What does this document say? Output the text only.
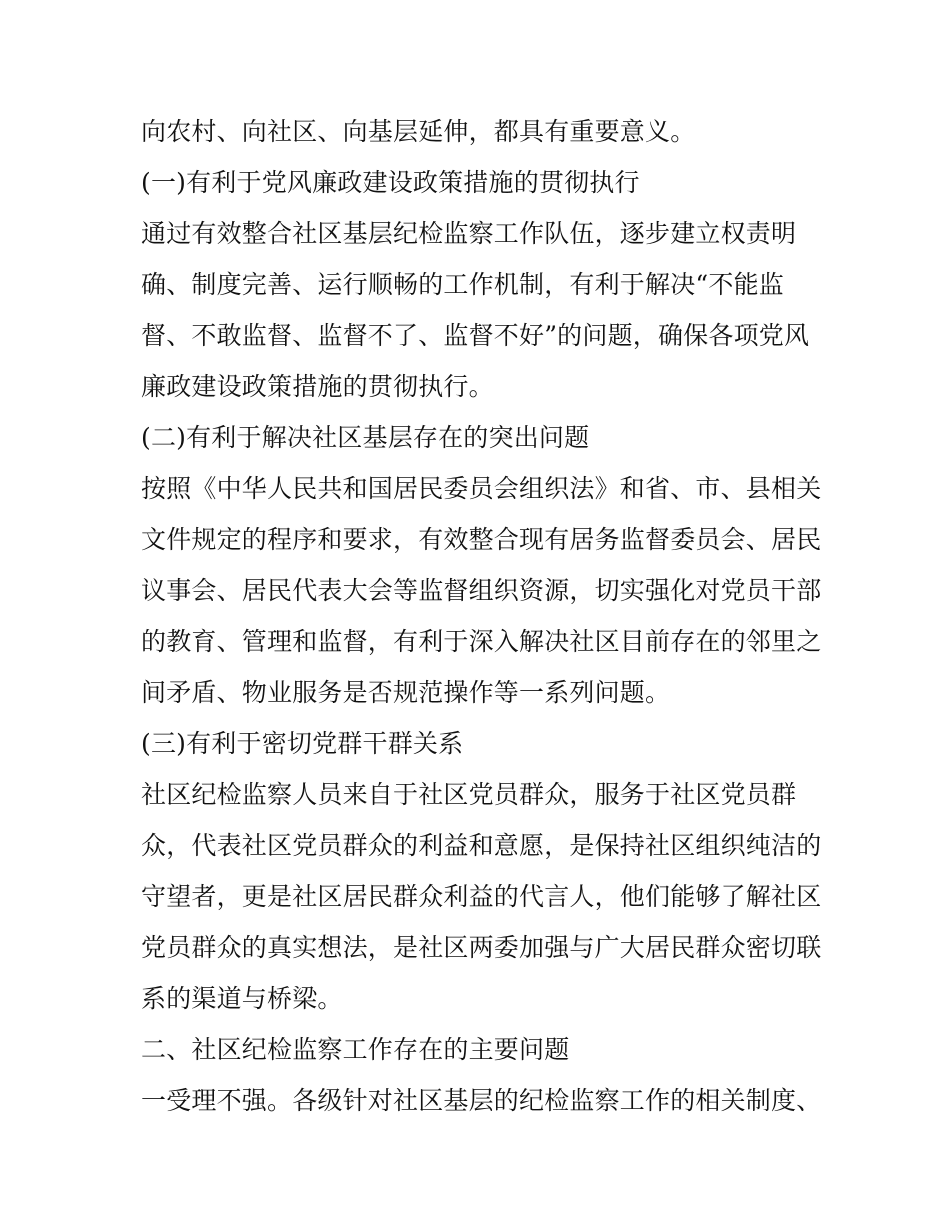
向农村、向社区、向基层延伸，都具有重要意义。
(一)有利于党风廉政建设政策措施的贯彻执行
通过有效整合社区基层纪检监察工作队伍，逐步建立权责明
确、制度完善、运行顺畅的工作机制，有利于解决“不能监
督、不敢监督、监督不了、监督不好”的问题，确保各项党风
廉政建设政策措施的贯彻执行。
(二)有利于解决社区基层存在的突出问题
按照《中华人民共和国居民委员会组织法》和省、市、县相关
文件规定的程序和要求，有效整合现有居务监督委员会、居民
议事会、居民代表大会等监督组织资源，切实强化对党员干部
的教育、管理和监督，有利于深入解决社区目前存在的邻里之
间矛盾、物业服务是否规范操作等一系列问题。
(三)有利于密切党群干群关系
社区纪检监察人员来自于社区党员群众，服务于社区党员群
众，代表社区党员群众的利益和意愿，是保持社区组织纯洁的
守望者，更是社区居民群众利益的代言人，他们能够了解社区
党员群众的真实想法，是社区两委加强与广大居民群众密切联
系的渠道与桥梁。
二、社区纪检监察工作存在的主要问题
一受理不强。各级针对社区基层的纪检监察工作的相关制度、
